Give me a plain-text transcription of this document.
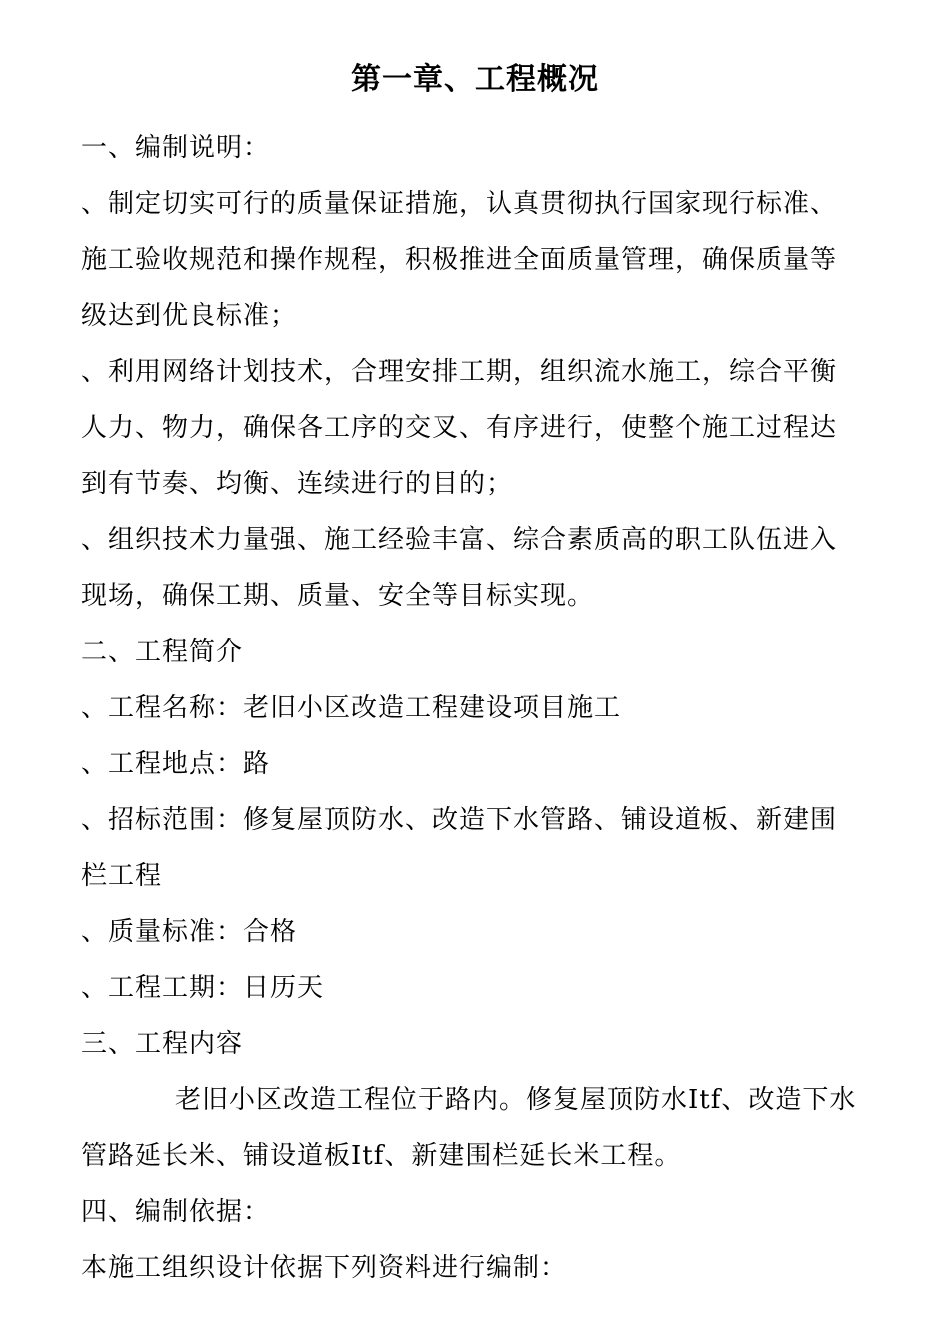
第一章、工程概况

一、编制说明：

、制定切实可行的质量保证措施，认真贯彻执行国家现行标准、施工验收规范和操作规程，积极推进全面质量管理，确保质量等级达到优良标准；

、利用网络计划技术，合理安排工期，组织流水施工，综合平衡人力、物力，确保各工序的交叉、有序进行，使整个施工过程达到有节奏、均衡、连续进行的目的；

、组织技术力量强、施工经验丰富、综合素质高的职工队伍进入现场，确保工期、质量、安全等目标实现。

二、工程简介

、工程名称：老旧小区改造工程建设项目施工

、工程地点：路

、招标范围：修复屋顶防水、改造下水管路、铺设道板、新建围栏工程

、质量标准：合格

、工程工期：日历天

三、工程内容

老旧小区改造工程位于路内。修复屋顶防水Itf、改造下水管路延长米、铺设道板Itf、新建围栏延长米工程。

四、编制依据：

本施工组织设计依据下列资料进行编制：
